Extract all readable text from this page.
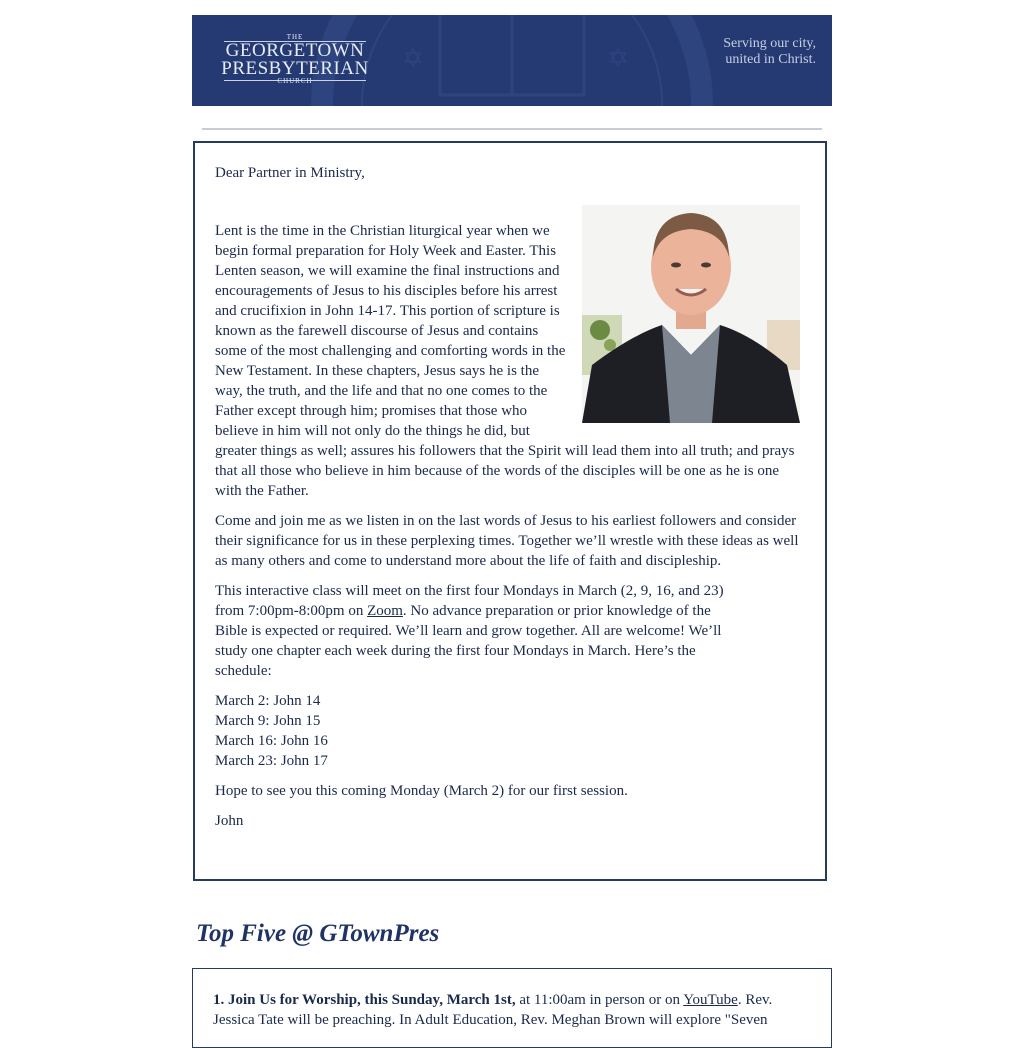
✡	✡
THE
GEORGETOWN
PRESBYTERIAN
CHURCH
Serving our city,
united in Christ.

Dear Partner in Ministry,

Lent is the time in the Christian liturgical year when we begin formal preparation for Holy Week and Easter. This Lenten season, we will examine the final instructions and encouragements of Jesus to his disciples before his arrest and crucifixion in John 14-17. This portion of scripture is known as the farewell discourse of Jesus and contains some of the most challenging and comforting words in the New Testament. In these chapters, Jesus says he is the way, the truth, and the life and that no one comes to the Father except through him; promises that those who believe in him will not only do the things he did, but greater things as well; assures his followers that the Spirit will lead them into all truth; and prays that all those who believe in him because of the words of the disciples will be one as he is one with the Father.

Come and join me as we listen in on the last words of Jesus to his earliest followers and consider their significance for us in these perplexing times. Together we’ll wrestle with these ideas as well as many others and come to understand more about the life of faith and discipleship.

This interactive class will meet on the first four Mondays in March (2, 9, 16, and 23) from 7:00pm-8:00pm on Zoom. No advance preparation or prior knowledge of the Bible is expected or required. We’ll learn and grow together. All are welcome! We’ll study one chapter each week during the first four Mondays in March. Here’s the schedule:

March 2: John 14
March 9: John 15
March 16: John 16
March 23: John 17

Hope to see you this coming Monday (March 2) for our first session.

John

Top Five @ GTownPres
1. Join Us for Worship, this Sunday, March 1st, at 11:00am in person or on YouTube. Rev. Jessica Tate will be preaching. In Adult Education, Rev. Meghan Brown will explore "Seven
